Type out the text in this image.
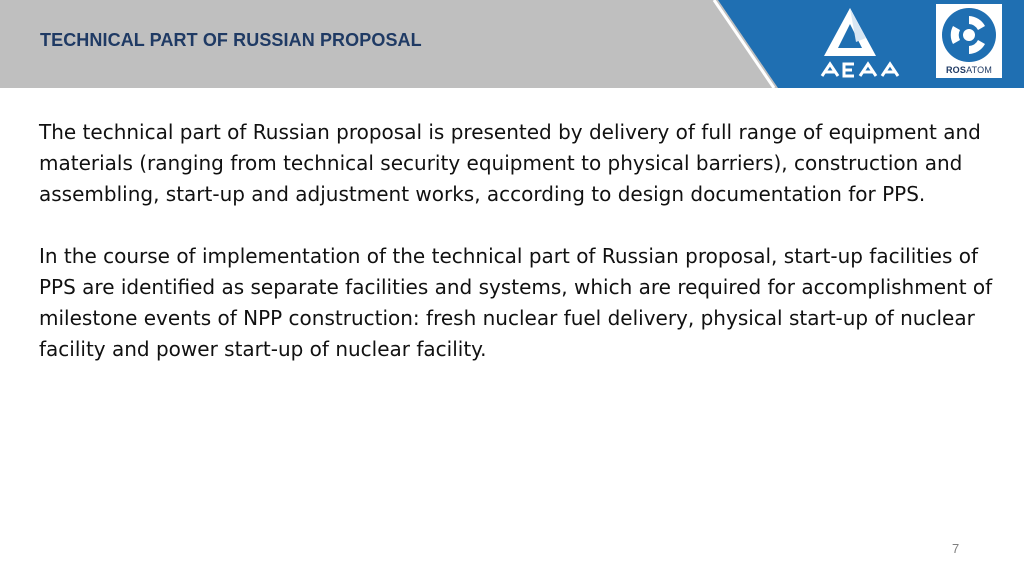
TECHNICAL PART OF RUSSIAN PROPOSAL
ROSATOM

The technical part of Russian proposal is presented by delivery of full range of equipment and materials (ranging from technical security equipment to physical barriers), construction and assembling, start-up and adjustment works, according to design documentation for PPS.

In the course of implementation of the technical part of Russian proposal, start-up facilities of PPS are identified as separate facilities and systems, which are required for accomplishment of milestone events of NPP construction: fresh nuclear fuel delivery, physical start-up of nuclear facility and power start-up of nuclear facility.

7
